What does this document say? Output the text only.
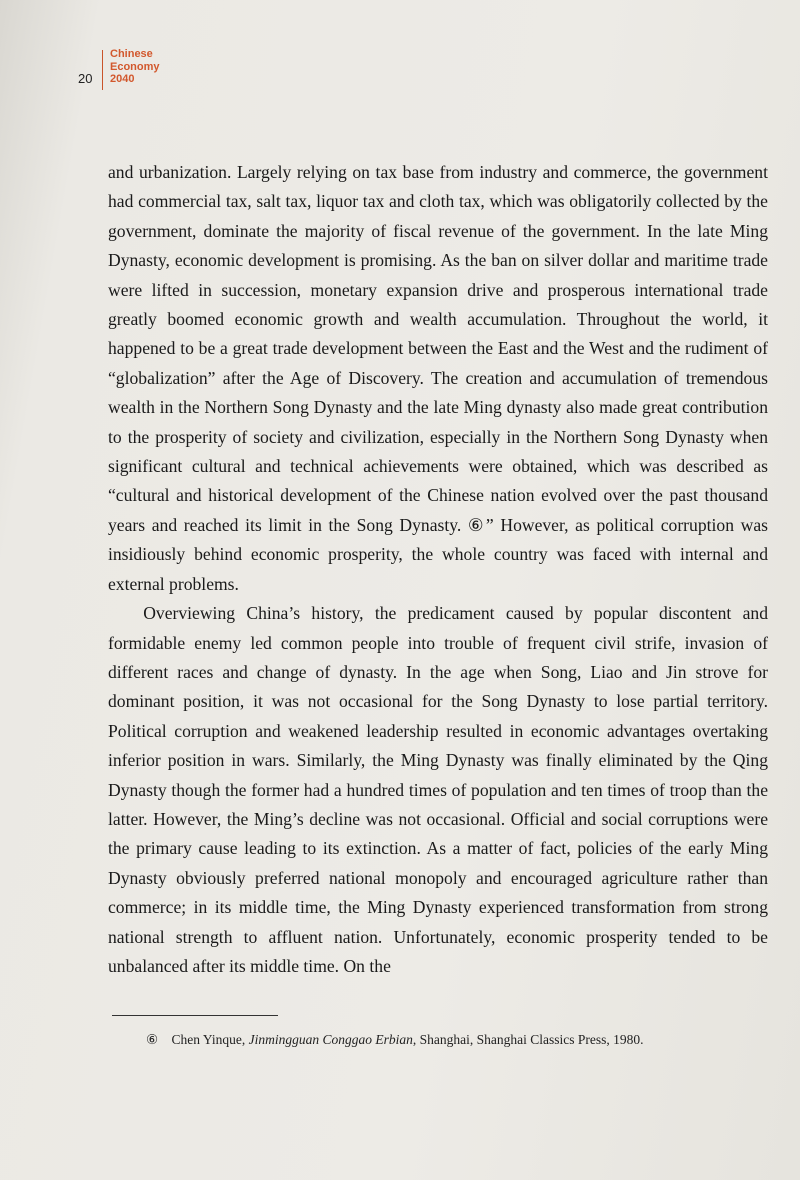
20
Chinese
Economy
2040

and urbanization. Largely relying on tax base from industry and commerce, the government had commercial tax, salt tax, liquor tax and cloth tax, which was obligatorily collected by the government, dominate the majority of fiscal revenue of the government. In the late Ming Dynasty, economic development is promising. As the ban on silver dollar and maritime trade were lifted in succession, monetary expansion drive and prosperous international trade greatly boomed economic growth and wealth accumulation. Throughout the world, it happened to be a great trade development between the East and the West and the rudiment of “globalization” after the Age of Discovery. The creation and accumulation of tremendous wealth in the Northern Song Dynasty and the late Ming dynasty also made great contribution to the prosperity of society and civilization, especially in the Northern Song Dynasty when significant cultural and technical achievements were obtained, which was described as “cultural and historical development of the Chinese nation evolved over the past thousand years and reached its limit in the Song Dynasty. ⑥” However, as political corruption was insidiously behind economic prosperity, the whole country was faced with internal and external problems.

Overviewing China’s history, the predicament caused by popular discontent and formidable enemy led common people into trouble of frequent civil strife, invasion of different races and change of dynasty. In the age when Song, Liao and Jin strove for dominant position, it was not occasional for the Song Dynasty to lose partial territory. Political corruption and weakened leadership resulted in economic advantages overtaking inferior position in wars. Similarly, the Ming Dynasty was finally eliminated by the Qing Dynasty though the former had a hundred times of population and ten times of troop than the latter. However, the Ming’s decline was not occasional. Official and social corruptions were the primary cause leading to its extinction. As a matter of fact, policies of the early Ming Dynasty obviously preferred national monopoly and encouraged agriculture rather than commerce; in its middle time, the Ming Dynasty experienced transformation from strong national strength to affluent nation. Unfortunately, economic prosperity tended to be unbalanced after its middle time. On the

⑥ Chen Yinque, Jinmingguan Conggao Erbian, Shanghai, Shanghai Classics Press, 1980.
